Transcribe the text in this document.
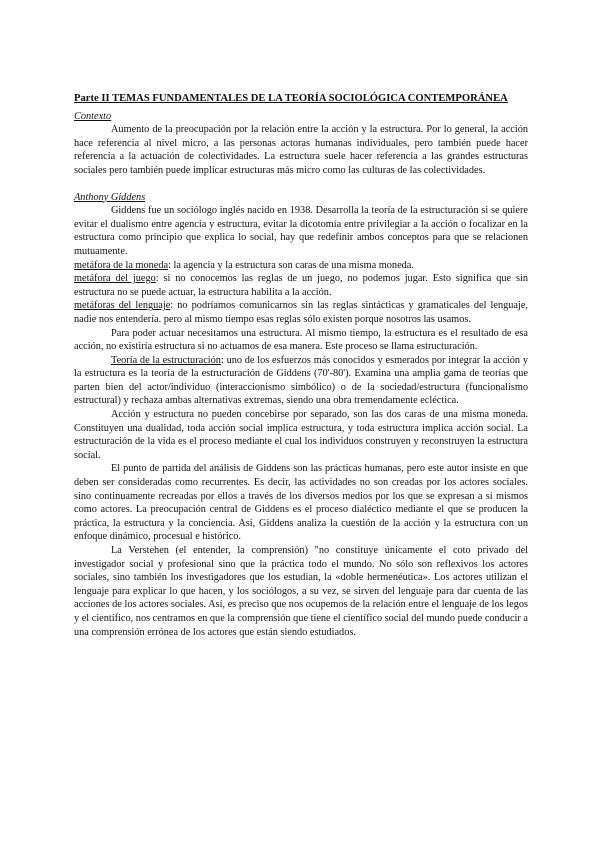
Parte II TEMAS FUNDAMENTALES DE LA TEORÍA SOCIOLÓGICA CONTEMPORÁNEA

Contexto

Aumento de la preocupación por la relación entre la acción y la estructura. Por lo general, la acción hace referencia al nivel micro, a las personas actoras humanas individuales, pero también puede hacer referencia a la actuación de colectividades. La estructura suele hacer referencia a las grandes estructuras sociales pero también puede implicar estructuras más micro como las culturas de las colectividades.

Anthony Giddens

Giddens fue un sociólogo inglés nacido en 1938. Desarrolla la teoría de la estructuración si se quiere evitar el dualismo entre agencia y estructura, evitar la dicotomía entre privilegiar a la acción o focalizar en la estructura como principio que explica lo social, hay que redefinir ambos conceptos para que se relacionen mutuamente.

metáfora de la moneda: la agencia y la estructura son caras de una misma moneda.

metáfora del juego: si no conocemos las reglas de un juego, no podemos jugar. Esto significa que sin estructura no se puede actuar, la estructura habilita a la acción.

metáforas del lenguaje: no podríamos comunicarnos sin las reglas sintácticas y gramaticales del lenguaje, nadie nos entendería. pero al mismo tiempo esas reglas sólo existen porque nosotros las usamos.

Para poder actuar necesitamos una estructura. Al mismo tiempo, la estructura es el resultado de esa acción, no existiría estructura si no actuamos de esa manera. Este proceso se llama estructuración.

Teoría de la estructuración: uno de los esfuerzos más conocidos y esmerados por integrar la acción y la estructura es la teoría de la estructuración de Giddens (70'-80'). Examina una amplia gama de teorías que parten bien del actor/individuo (interaccionismo simbólico) o de la sociedad/estructura (funcionalismo estructural) y rechaza ambas alternativas extremas, siendo una obra tremendamente ecléctica.

Acción y estructura no pueden concebirse por separado, son las dos caras de una misma moneda. Constituyen una dualidad, toda acción social implica estructura, y toda estructura implica acción social. La estructuración de la vida es el proceso mediante el cual los individuos construyen y reconstruyen la estructura social.

El punto de partida del análisis de Giddens son las prácticas humanas, pero este autor insiste en que deben ser consideradas como recurrentes. Es decir, las actividades no son creadas por los actores sociales. sino continuamente recreadas por ellos a través de los diversos medios por los que se expresan a sí mismos como actores. La preocupación central de Giddens es el proceso dialéctico mediante el que se producen la práctica, la estructura y la conciencia. Así, Giddens analiza la cuestión de la acción y la estructura con un enfoque dinámico, procesual e histórico.

La Verstehen (el entender, la comprensión) "no constituye únicamente el coto privado del investigador social y profesional sino que la práctica todo el mundo. No sólo son reflexivos los actores sociales, sino también los investigadores que los estudian, la «doble hermenéutica». Los actores utilizan el lenguaje para explicar lo que hacen, y los sociólogos, a su vez, se sirven del lenguaje para dar cuenta de las acciones de los actores sociales. Así, es preciso que nos ocupemos de la relación entre el lenguaje de los legos y el científico, nos centramos en que la comprensión que tiene el científico social del mundo puede conducir a una comprensión errónea de los actores que están siendo estudiados.
